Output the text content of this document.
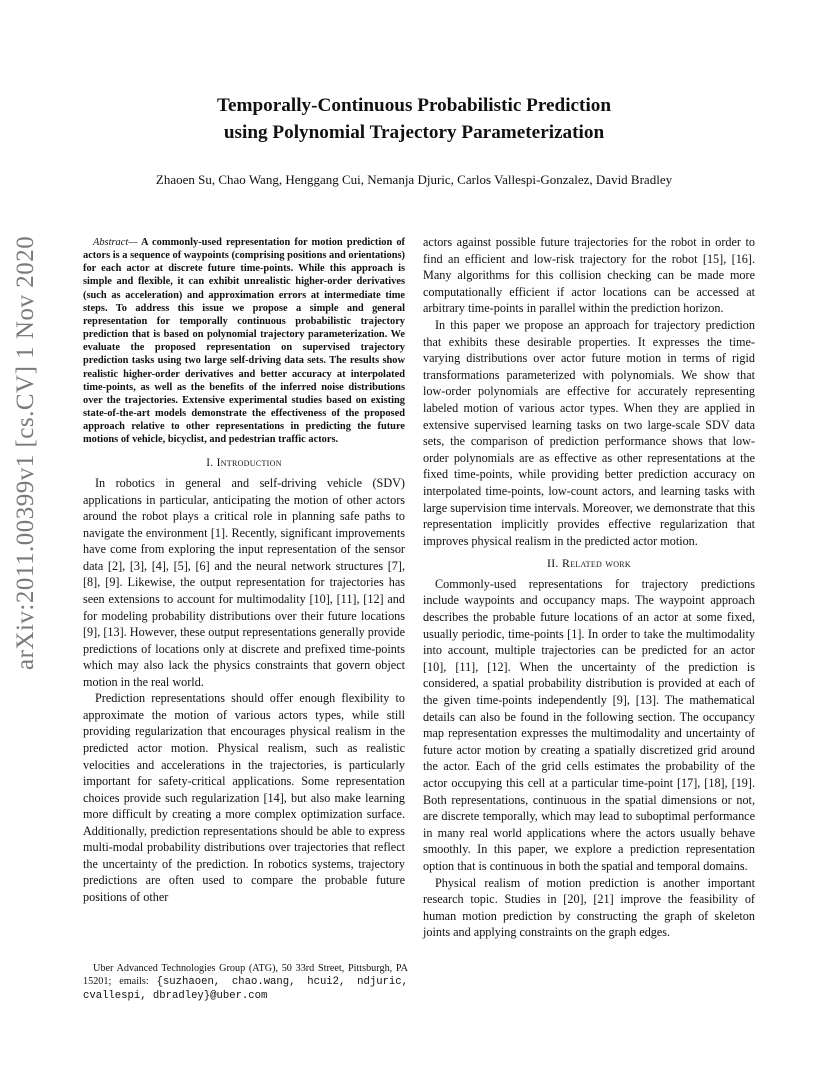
arXiv:2011.00399v1 [cs.CV] 1 Nov 2020
Temporally-Continuous Probabilistic Prediction
using Polynomial Trajectory Parameterization
Zhaoen Su, Chao Wang, Henggang Cui, Nemanja Djuric, Carlos Vallespi-Gonzalez, David Bradley
Abstract— A commonly-used representation for motion prediction of actors is a sequence of waypoints (comprising positions and orientations) for each actor at discrete future time-points. While this approach is simple and flexible, it can exhibit unrealistic higher-order derivatives (such as acceleration) and approximation errors at intermediate time steps. To address this issue we propose a simple and general representation for temporally continuous probabilistic trajectory prediction that is based on polynomial trajectory parameterization. We evaluate the proposed representation on supervised trajectory prediction tasks using two large self-driving data sets. The results show realistic higher-order derivatives and better accuracy at interpolated time-points, as well as the benefits of the inferred noise distributions over the trajectories. Extensive experimental studies based on existing state-of-the-art models demonstrate the effectiveness of the proposed approach relative to other representations in predicting the future motions of vehicle, bicyclist, and pedestrian traffic actors.
I. Introduction

In robotics in general and self-driving vehicle (SDV) applications in particular, anticipating the motion of other actors around the robot plays a critical role in planning safe paths to navigate the environment [1]. Recently, significant improvements have come from exploring the input representation of the sensor data [2], [3], [4], [5], [6] and the neural network structures [7], [8], [9]. Likewise, the output representation for trajectories has seen extensions to account for multimodality [10], [11], [12] and for modeling probability distributions over their future locations [9], [13]. However, these output representations generally provide predictions of locations only at discrete and prefixed time-points which may also lack the physics constraints that govern object motion in the real world.

Prediction representations should offer enough flexibility to approximate the motion of various actors types, while still providing regularization that encourages physical realism in the predicted actor motion. Physical realism, such as realistic velocities and accelerations in the trajectories, is particularly important for safety-critical applications. Some representation choices provide such regularization [14], but also make learning more difficult by creating a more complex optimization surface. Additionally, prediction representations should be able to express multi-modal probability distributions over trajectories that reflect the uncertainty of the prediction. In robotics systems, trajectory predictions are often used to compare the probable future positions of other

actors against possible future trajectories for the robot in order to find an efficient and low-risk trajectory for the robot [15], [16]. Many algorithms for this collision checking can be made more computationally efficient if actor locations can be accessed at arbitrary time-points in parallel within the prediction horizon.

In this paper we propose an approach for trajectory prediction that exhibits these desirable properties. It expresses the time-varying distributions over actor future motion in terms of rigid transformations parameterized with polynomials. We show that low-order polynomials are effective for accurately representing labeled motion of various actor types. When they are applied in extensive supervised learning tasks on two large-scale SDV data sets, the comparison of prediction performance shows that low-order polynomials are as effective as other representations at the fixed time-points, while providing better prediction accuracy on interpolated time-points, low-count actors, and learning tasks with large supervision time intervals. Moreover, we demonstrate that this representation implicitly provides effective regularization that improves physical realism in the predicted actor motion.

II. Related work

Commonly-used representations for trajectory predictions include waypoints and occupancy maps. The waypoint approach describes the probable future locations of an actor at some fixed, usually periodic, time-points [1]. In order to take the multimodality into account, multiple trajectories can be predicted for an actor [10], [11], [12]. When the uncertainty of the prediction is considered, a spatial probability distribution is provided at each of the given time-points independently [9], [13]. The mathematical details can also be found in the following section. The occupancy map representation expresses the multimodality and uncertainty of future actor motion by creating a spatially discretized grid around the actor. Each of the grid cells estimates the probability of the actor occupying this cell at a particular time-point [17], [18], [19]. Both representations, continuous in the spatial dimensions or not, are discrete temporally, which may lead to suboptimal performance in many real world applications where the actors usually behave smoothly. In this paper, we explore a prediction representation option that is continuous in both the spatial and temporal domains.

Physical realism of motion prediction is another important research topic. Studies in [20], [21] improve the feasibility of human motion prediction by constructing the graph of skeleton joints and applying constraints on the graph edges.

Uber Advanced Technologies Group (ATG), 50 33rd Street, Pittsburgh, PA 15201; emails: {suzhaoen, chao.wang, hcui2, ndjuric, cvallespi, dbradley}@uber.com
